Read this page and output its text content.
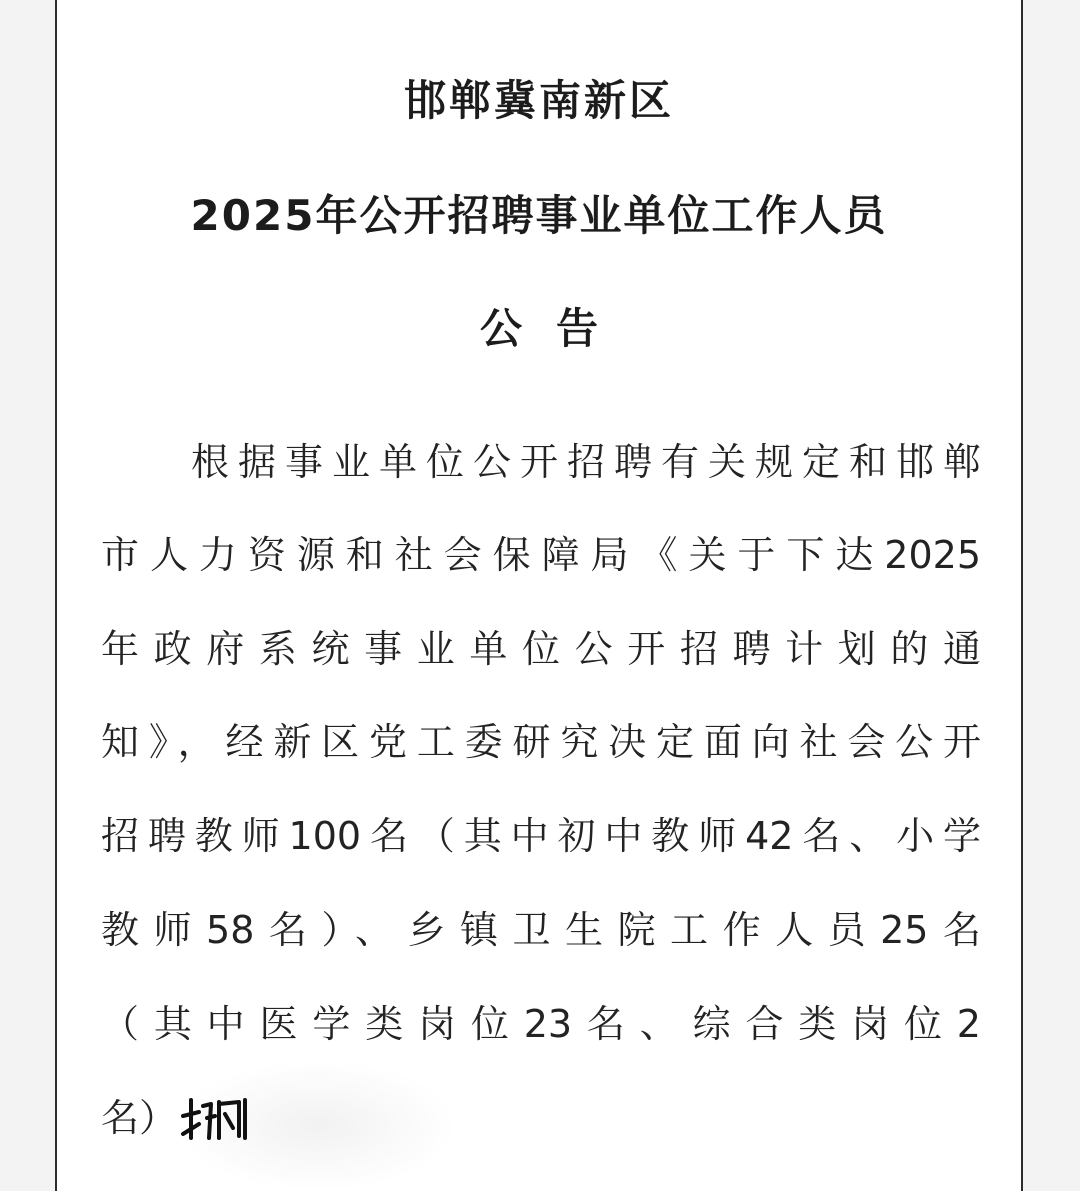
邯郸冀南新区
2025年公开招聘事业单位工作人员
公告
根据事业单位公开招聘有关规定和邯郸
市人力资源和社会保障局《关于下达2025
年政府系统事业单位公开招聘计划的通
知》，经新区党工委研究决定面向社会公开
招聘教师100名（其中初中教师42名、小学
教师58名）、乡镇卫生院工作人员25名
（其中医学类岗位23名、综合类岗位2
名）
